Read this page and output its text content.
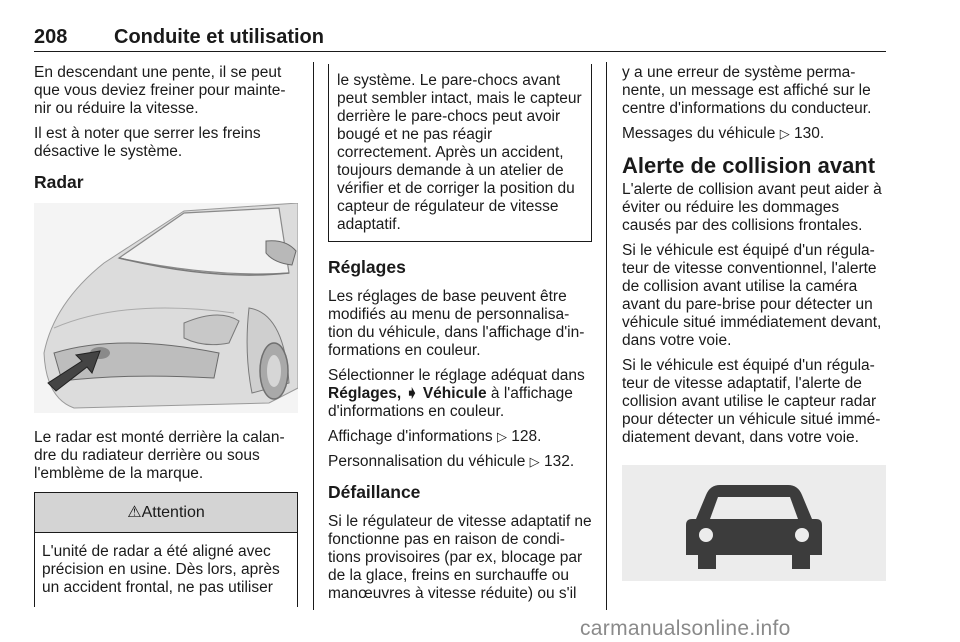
208 Conduite et utilisation

En descendant une pente, il se peut que vous deviez freiner pour mainte- nir ou réduire la vitesse.

Il est à noter que serrer les freins désactive le système.

Radar

Le radar est monté derrière la calan- dre du radiateur derrière ou sous l'emblème de la marque.

⚠Attention
L'unité de radar a été aligné avec précision en usine. Dès lors, après un accident frontal, ne pas utiliser
le système. Le pare-chocs avant peut sembler intact, mais le capteur derrière le pare-chocs peut avoir bougé et ne pas réagir correctement. Après un accident, toujours demande à un atelier de vérifier et de corriger la position du capteur de régulateur de vitesse adaptatif.
Réglages

Les réglages de base peuvent être modifiés au menu de personnalisa- tion du véhicule, dans l'affichage d'in- formations en couleur.

Sélectionner le réglage adéquat dans Réglages, ➧ Véhicule à l'affichage d'informations en couleur.

Affichage d'informations ▷ 128.

Personnalisation du véhicule ▷ 132.

Défaillance

Si le régulateur de vitesse adaptatif ne fonctionne pas en raison de condi- tions provisoires (par ex, blocage par de la glace, freins en surchauffe ou manœuvres à vitesse réduite) ou s'il

y a une erreur de système perma- nente, un message est affiché sur le centre d'informations du conducteur.

Messages du véhicule ▷ 130.

Alerte de collision avant

L'alerte de collision avant peut aider à éviter ou réduire les dommages causés par des collisions frontales.

Si le véhicule est équipé d'un régula- teur de vitesse conventionnel, l'alerte de collision avant utilise la caméra avant du pare-brise pour détecter un véhicule situé immédiatement devant, dans votre voie.

Si le véhicule est équipé d'un régula- teur de vitesse adaptatif, l'alerte de collision avant utilise le capteur radar pour détecter un véhicule situé immé- diatement devant, dans votre voie.

carmanualsonline.info
